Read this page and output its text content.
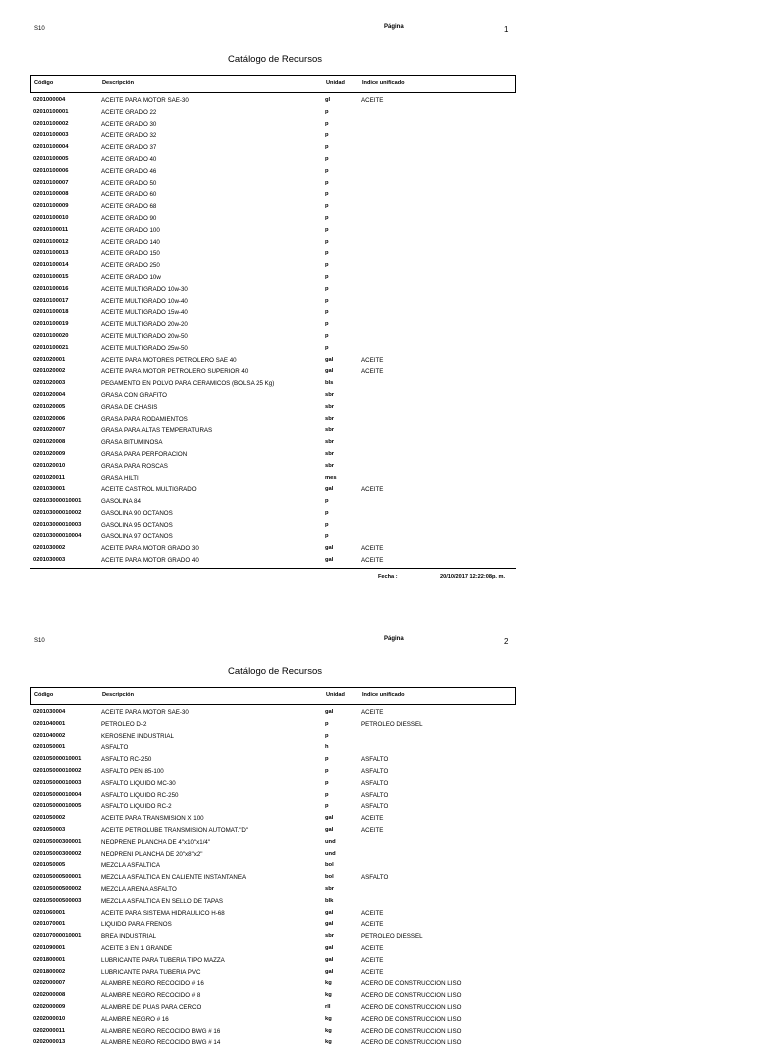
S10	Página	1
Catálogo de Recursos
Código	Descripción	Unidad	Indice unificado
0201000004	ACEITE PARA MOTOR SAE-30	gl	ACEITE
02010100001	ACEITE GRADO 22	p
02010100002	ACEITE GRADO 30	p
02010100003	ACEITE GRADO 32	p
02010100004	ACEITE GRADO 37	p
02010100005	ACEITE GRADO 40	p
02010100006	ACEITE GRADO 46	p
02010100007	ACEITE GRADO 50	p
02010100008	ACEITE GRADO 60	p
02010100009	ACEITE GRADO 68	p
02010100010	ACEITE GRADO 90	p
02010100011	ACEITE GRADO 100	p
02010100012	ACEITE GRADO 140	p
02010100013	ACEITE GRADO 150	p
02010100014	ACEITE GRADO 250	p
02010100015	ACEITE GRADO 10w	p
02010100016	ACEITE MULTIGRADO 10w-30	p
02010100017	ACEITE MULTIGRADO 10w-40	p
02010100018	ACEITE MULTIGRADO 15w-40	p
02010100019	ACEITE MULTIGRADO 20w-20	p
02010100020	ACEITE MULTIGRADO 20w-50	p
02010100021	ACEITE MULTIGRADO 25w-50	p
0201020001	ACEITE PARA MOTORES PETROLERO SAE 40	gal	ACEITE
0201020002	ACEITE PARA MOTOR PETROLERO SUPERIOR 40	gal	ACEITE
0201020003	PEGAMENTO EN POLVO PARA CERAMICOS (BOLSA 25 Kg)	bls
0201020004	GRASA CON GRAFITO	sbr
0201020005	GRASA DE CHASIS	sbr
0201020006	GRASA PARA RODAMIENTOS	sbr
0201020007	GRASA PARA ALTAS TEMPERATURAS	sbr
0201020008	GRASA BITUMINOSA	sbr
0201020009	GRASA PARA PERFORACION	sbr
0201020010	GRASA PARA ROSCAS	sbr
0201020011	GRASA HILTI	mes
0201030001	ACEITE CASTROL MULTIGRADO	gal	ACEITE
020103000010001	GASOLINA 84	p
020103000010002	GASOLINA 90 OCTANOS	p
020103000010003	GASOLINA 95 OCTANOS	p
020103000010004	GASOLINA 97 OCTANOS	p
0201030002	ACEITE PARA MOTOR GRADO 30	gal	ACEITE
0201030003	ACEITE PARA MOTOR GRADO 40	gal	ACEITE
Fecha :	20/10/2017 12:22:08p. m.
S10	Página	2
Catálogo de Recursos
Código	Descripción	Unidad	Indice unificado
0201030004	ACEITE PARA MOTOR SAE-30	gal	ACEITE
0201040001	PETROLEO D-2	p	PETROLEO DIESSEL
0201040002	KEROSENE INDUSTRIAL	p
0201050001	ASFALTO	h
020105000010001	ASFALTO RC-250	p	ASFALTO
020105000010002	ASFALTO PEN 85-100	p	ASFALTO
020105000010003	ASFALTO LIQUIDO MC-30	p	ASFALTO
020105000010004	ASFALTO LIQUIDO RC-250	p	ASFALTO
020105000010005	ASFALTO LIQUIDO RC-2	p	ASFALTO
0201050002	ACEITE PARA TRANSMISION X 100	gal	ACEITE
0201050003	ACEITE PETROLUBE TRANSMISION AUTOMAT."D"	gal	ACEITE
020105000300001	NEOPRENE PLANCHA DE 4"x10"x1/4"	und
020105000300002	NEOPRENI PLANCHA DE 20"x8"x2"	und
0201050005	MEZCLA ASFALTICA	bol
020105000500001	MEZCLA ASFALTICA EN CALIENTE INSTANTANEA	bol	ASFALTO
020105000500002	MEZCLA ARENA ASFALTO	sbr
020105000500003	MEZCLA ASFALTICA EN SELLO DE TAPAS	blk
0201060001	ACEITE PARA SISTEMA HIDRAULICO H-68	gal	ACEITE
0201070001	LIQUIDO PARA FRENOS	gal	ACEITE
020107000010001	BREA INDUSTRIAL	sbr	PETROLEO DIESSEL
0201090001	ACEITE 3 EN 1 GRANDE	gal	ACEITE
0201800001	LUBRICANTE PARA TUBERIA TIPO MAZZA	gal	ACEITE
0201800002	LUBRICANTE PARA TUBERIA PVC	gal	ACEITE
0202000007	ALAMBRE NEGRO RECOCIDO # 16	kg	ACERO DE CONSTRUCCION LISO
0202000008	ALAMBRE NEGRO RECOCIDO # 8	kg	ACERO DE CONSTRUCCION LISO
0202000009	ALAMBRE DE PUAS PARA CERCO	rll	ACERO DE CONSTRUCCION LISO
0202000010	ALAMBRE NEGRO # 16	kg	ACERO DE CONSTRUCCION LISO
0202000011	ALAMBRE NEGRO RECOCIDO BWG # 16	kg	ACERO DE CONSTRUCCION LISO
0202000013	ALAMBRE NEGRO RECOCIDO BWG # 14	kg	ACERO DE CONSTRUCCION LISO
